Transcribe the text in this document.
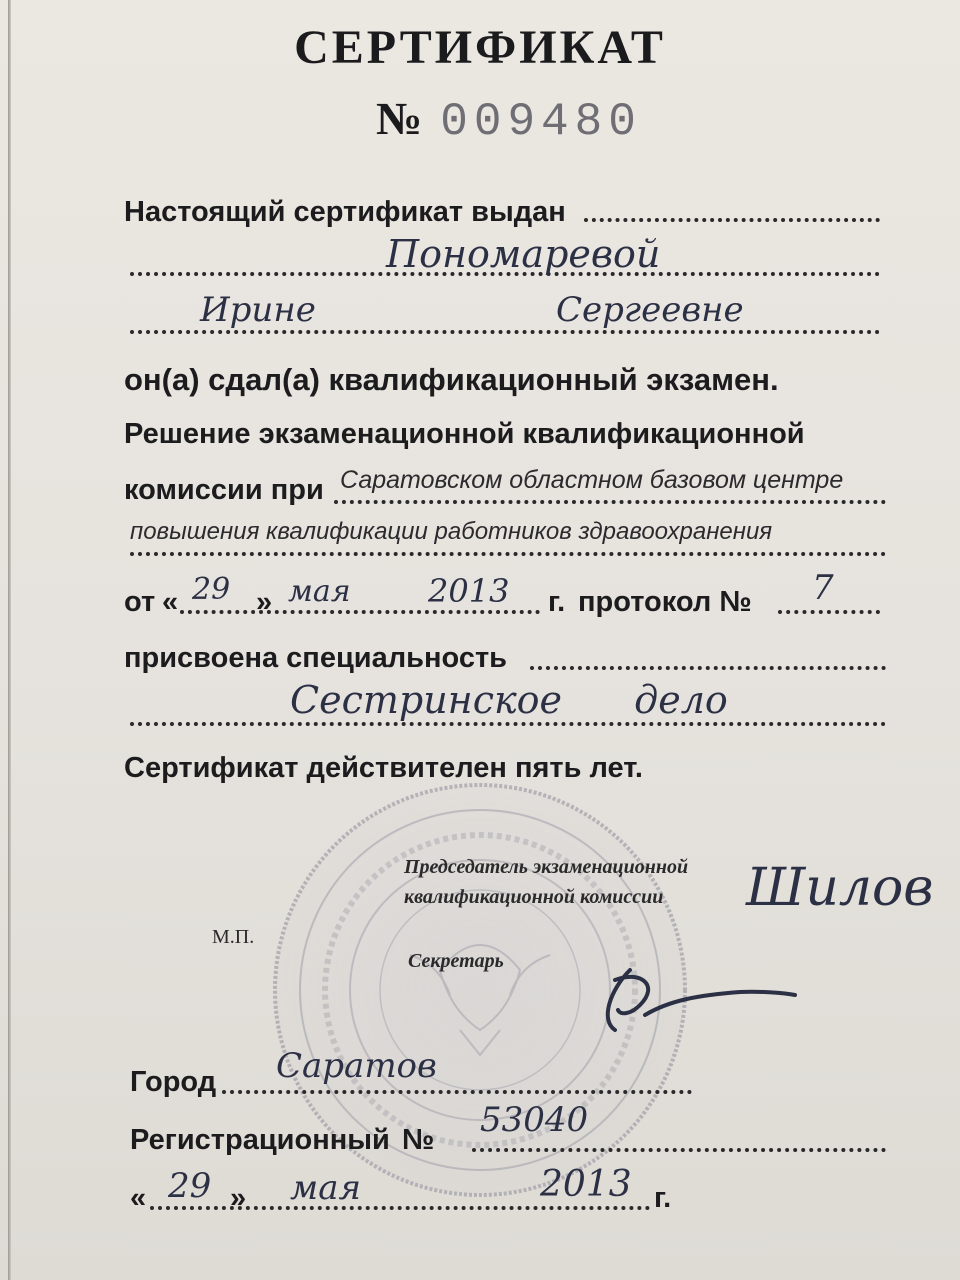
СЕРТИФИКАТ
№ 009480
Настоящий сертификат выдан
Пономаревой
Ирине	Сергеевне
он(а) сдал(а) квалификационный экзамен.
Решение экзаменационной квалификационной
комиссии при Саратовском областном базовом центре
повышения квалификации работников здравоохранения
от « 29 » мая 2013 г. протокол № 7
присвоена специальность
Сестринское дело
Сертификат действителен пять лет.
Председатель экзаменационной
квалификационной комиссии Шилов
М.П.
Секретарь
Город Саратов
Регистрационный № 53040
« 29 » мая	2013 г.
